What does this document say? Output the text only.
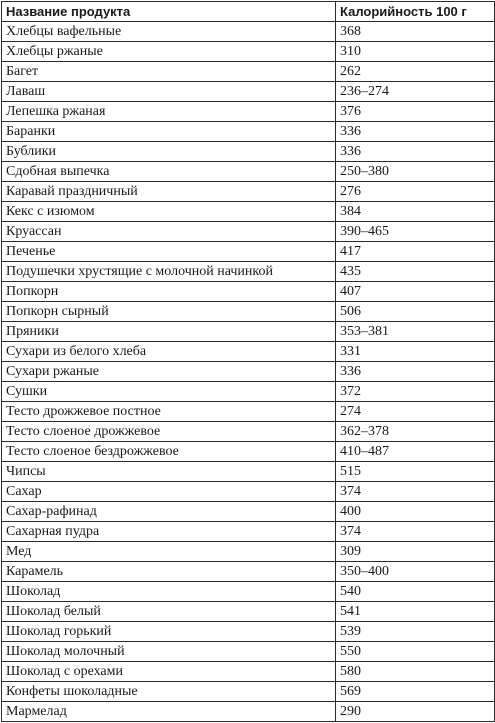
Название продукта	Калорийность 100 г
Хлебцы вафельные	368
Хлебцы ржаные	310
Багет	262
Лаваш	236–274
Лепешка ржаная	376
Баранки	336
Бублики	336
Сдобная выпечка	250–380
Каравай праздничный	276
Кекс с изюмом	384
Круассан	390–465
Печенье	417
Подушечки хрустящие с молочной начинкой	435
Попкорн	407
Попкорн сырный	506
Пряники	353–381
Сухари из белого хлеба	331
Сухари ржаные	336
Сушки	372
Тесто дрожжевое постное	274
Тесто слоеное дрожжевое	362–378
Тесто слоеное бездрожжевое	410–487
Чипсы	515
Сахар	374
Сахар-рафинад	400
Сахарная пудра	374
Мед	309
Карамель	350–400
Шоколад	540
Шоколад белый	541
Шоколад горький	539
Шоколад молочный	550
Шоколад с орехами	580
Конфеты шоколадные	569
Мармелад	290
